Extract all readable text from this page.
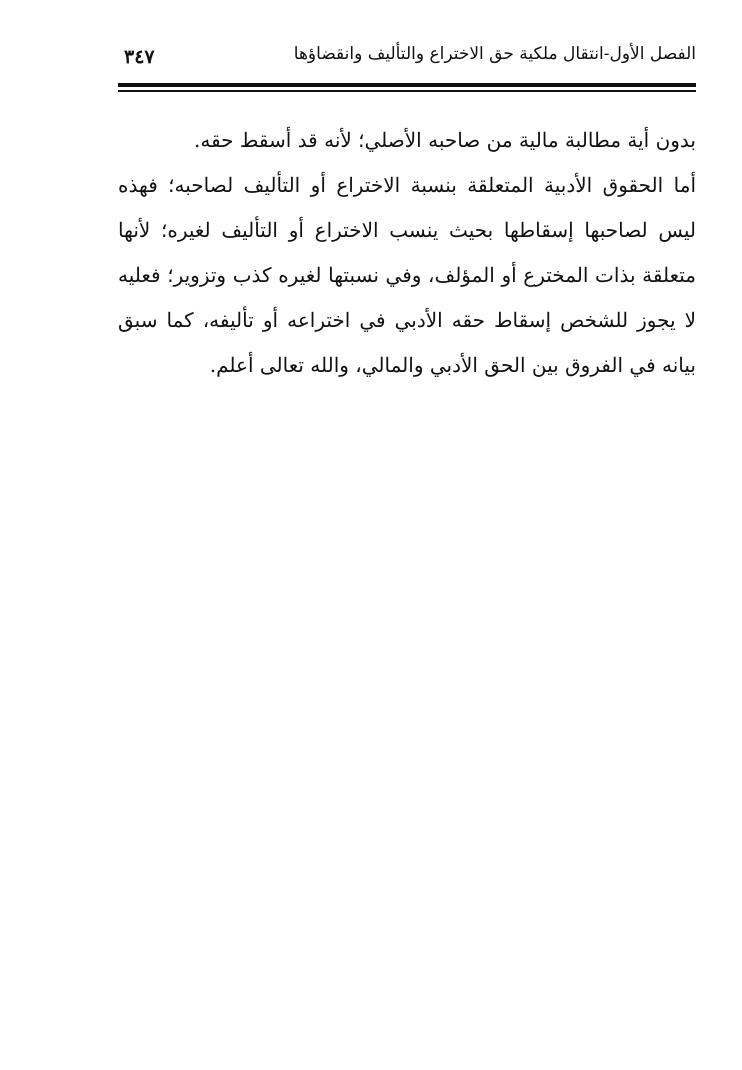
الفصل الأول-انتقال ملكية حق الاختراع والتأليف وانقضاؤها
٣٤٧

بدون أية مطالبة مالية من صاحبه الأصلي؛ لأنه قد أسقط حقه.

أما الحقوق الأدبية المتعلقة بنسبة الاختراع أو التأليف لصاحبه؛ فهذه ليس لصاحبها إسقاطها بحيث ينسب الاختراع أو التأليف لغيره؛ لأنها متعلقة بذات المخترع أو المؤلف، وفي نسبتها لغيره كذب وتزوير؛ فعليه لا يجوز للشخص إسقاط حقه الأدبي في اختراعه أو تأليفه، كما سبق بيانه في الفروق بين الحق الأدبي والمالي، والله تعالى أعلم.
